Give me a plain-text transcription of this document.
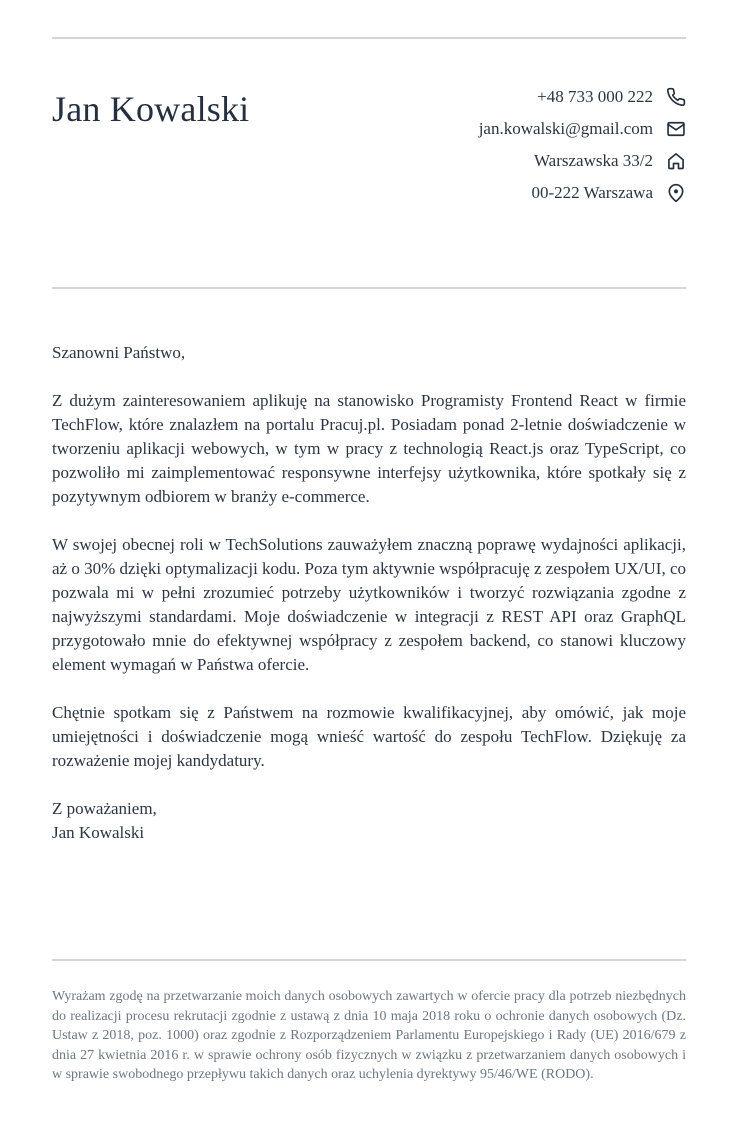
Jan Kowalski	+48 733 000 222
jan.kowalski@gmail.com
Warszawska 33/2
00-222 Warszawa

Szanowni Państwo,

Z dużym zainteresowaniem aplikuję na stanowisko Programisty Frontend React w firmie TechFlow, które znalazłem na portalu Pracuj.pl. Posiadam ponad 2-letnie doświadczenie w tworzeniu aplikacji webowych, w tym w pracy z technologią React.js oraz TypeScript, co pozwoliło mi zaimplementować responsywne interfejsy użytkownika, które spotkały się z pozytywnym odbiorem w branży e-commerce.

W swojej obecnej roli w TechSolutions zauważyłem znaczną poprawę wydajności aplikacji, aż o 30% dzięki optymalizacji kodu. Poza tym aktywnie współpracuję z zespołem UX/UI, co pozwala mi w pełni zrozumieć potrzeby użytkowników i tworzyć rozwiązania zgodne z najwyższymi standardami. Moje doświadczenie w integracji z REST API oraz GraphQL przygotowało mnie do efektywnej współpracy z zespołem backend, co stanowi kluczowy element wymagań w Państwa ofercie.

Chętnie spotkam się z Państwem na rozmowie kwalifikacyjnej, aby omówić, jak moje umiejętności i doświadczenie mogą wnieść wartość do zespołu TechFlow. Dziękuję za rozważenie mojej kandydatury.

Z poważaniem,

Jan Kowalski

Wyrażam zgodę na przetwarzanie moich danych osobowych zawartych w ofercie pracy dla potrzeb niezbędnych do realizacji procesu rekrutacji zgodnie z ustawą z dnia 10 maja 2018 roku o ochronie danych osobowych (Dz. Ustaw z 2018, poz. 1000) oraz zgodnie z Rozporządzeniem Parlamentu Europejskiego i Rady (UE) 2016/679 z dnia 27 kwietnia 2016 r. w sprawie ochrony osób fizycznych w związku z przetwarzaniem danych osobowych i w sprawie swobodnego przepływu takich danych oraz uchylenia dyrektywy 95/46/WE (RODO).
